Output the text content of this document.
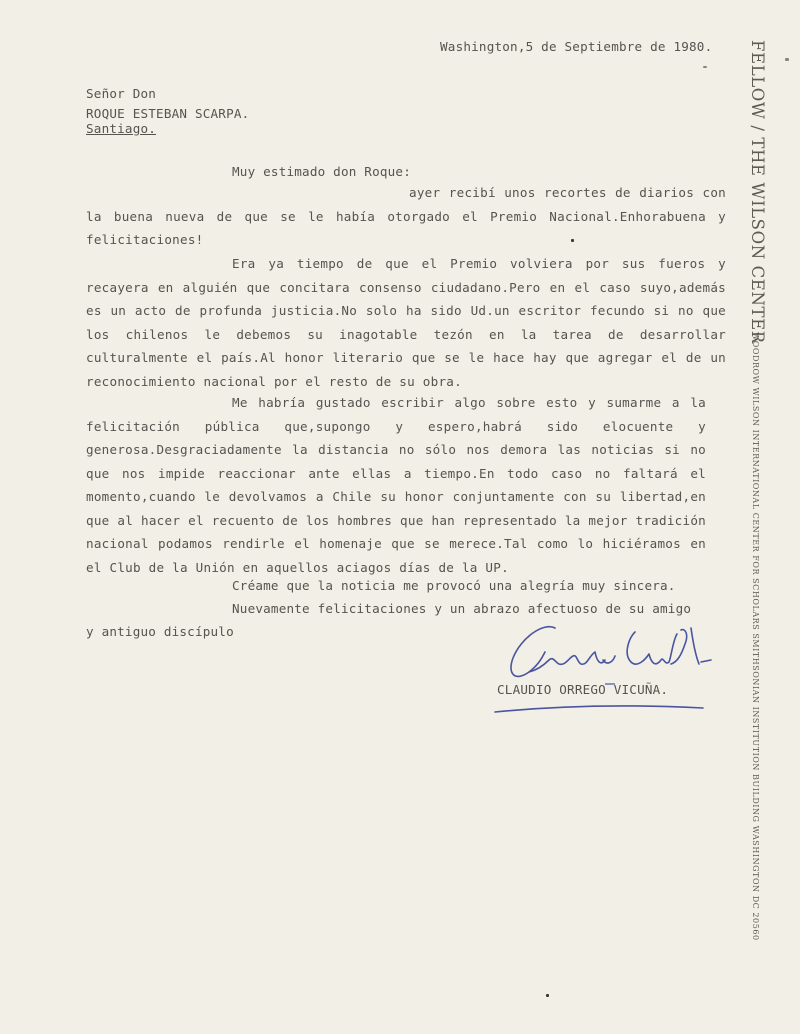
Washington,5 de Septiembre de 1980.
Señor Don
ROQUE ESTEBAN SCARPA.
Santiago.
Muy estimado don Roque:
ayer recibí unos recortes de diarios con la buena nueva de que se le había otorgado el Premio Nacional.Enhorabuena y felicitaciones!
Era ya tiempo de que el Premio volviera por sus fueros y recayera en alguién que concitara consenso ciudadano.Pero en el caso suyo,además es un acto de profunda justicia.No solo ha sido Ud.un escritor fecundo si no que los chilenos le debemos su inagotable tezón en la tarea de desarrollar culturalmente el país.Al honor literario que se le hace hay que agregar el de un reconocimiento nacional por el resto de su obra.
Me habría gustado escribir algo sobre esto y sumarme a la felicitación pública que,supongo y espero,habrá sido elocuente y generosa.Desgraciadamente la distancia no sólo nos demora las noticias si no que nos impide reaccionar ante ellas a tiempo.En todo caso no faltará el momento,cuando le devolvamos a Chile su honor conjuntamente con su libertad,en que al hacer el recuento de los hombres que han representado la mejor tradición nacional podamos rendirle el homenaje que se merece.Tal como lo hiciéramos en el Club de la Unión en aquellos aciagos días de la UP.
Créame que la noticia me provocó una alegría muy sincera.
Nuevamente felicitaciones y un abrazo afectuoso de su amigo
y antiguo discípulo
CLAUDIO ORREGO VICUÑA.
FELLOW / THE WILSON CENTER
WOODROW WILSON INTERNATIONAL CENTER FOR SCHOLARS SMITHSONIAN INSTITUTION BUILDING WASHINGTON DC 20560
